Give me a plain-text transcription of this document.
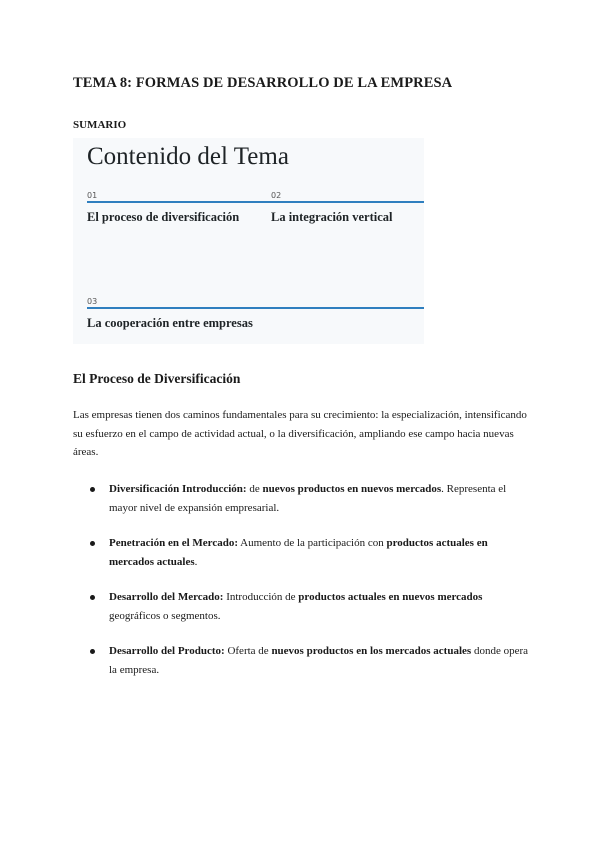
TEMA 8: FORMAS DE DESARROLLO DE LA EMPRESA
SUMARIO
Contenido del Tema
01
El proceso de diversificación
02
La integración vertical
03
La cooperación entre empresas
El Proceso de Diversificación
Las empresas tienen dos caminos fundamentales para su crecimiento: la especialización, intensificando su esfuerzo en el campo de actividad actual, o la diversificación, ampliando ese campo hacia nuevas áreas.
Diversificación Introducción: de nuevos productos en nuevos mercados. Representa el mayor nivel de expansión empresarial.
Penetración en el Mercado: Aumento de la participación con productos actuales en mercados actuales.
Desarrollo del Mercado: Introducción de productos actuales en nuevos mercados geográficos o segmentos.
Desarrollo del Producto: Oferta de nuevos productos en los mercados actuales donde opera la empresa.
